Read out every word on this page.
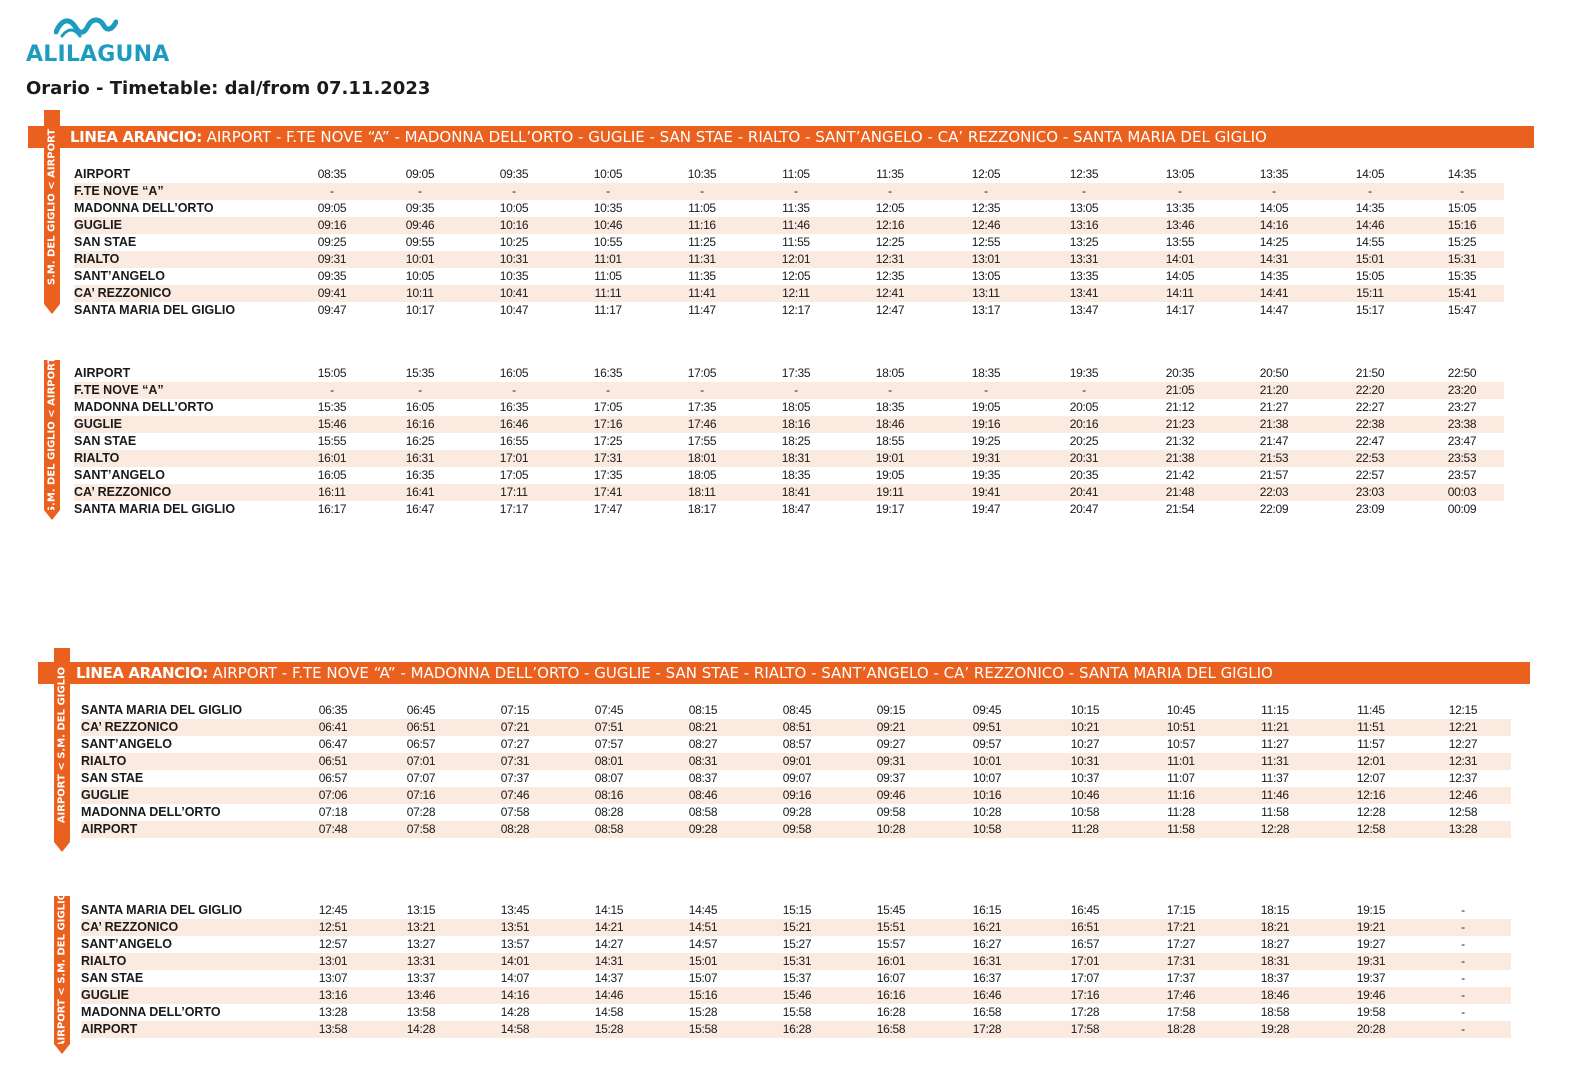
ALILAGUNA
Orario - Timetable: dal/from 07.11.2023
LINEA ARANCIO: AIRPORT - F.TE NOVE “A” - MADONNA DELL’ORTO - GUGLIE - SAN STAE - RIALTO - SANT’ANGELO - CA’ REZZONICO - SANTA MARIA DEL GIGLIO
S.M. DEL GIGLIO < AIRPORT AIRPORT	08:35	09:05	09:35	10:05	10:35	11:05	11:35	12:05	12:35	13:05	13:35	14:05	14:35
F.TE NOVE “A”	-	-	-	-	-	-	-	-	-	-	-	-	-
MADONNA DELL’ORTO	09:05	09:35	10:05	10:35	11:05	11:35	12:05	12:35	13:05	13:35	14:05	14:35	15:05
GUGLIE	09:16	09:46	10:16	10:46	11:16	11:46	12:16	12:46	13:16	13:46	14:16	14:46	15:16
SAN STAE	09:25	09:55	10:25	10:55	11:25	11:55	12:25	12:55	13:25	13:55	14:25	14:55	15:25
RIALTO	09:31	10:01	10:31	11:01	11:31	12:01	12:31	13:01	13:31	14:01	14:31	15:01	15:31
SANT’ANGELO	09:35	10:05	10:35	11:05	11:35	12:05	12:35	13:05	13:35	14:05	14:35	15:05	15:35
CA’ REZZONICO	09:41	10:11	10:41	11:11	11:41	12:11	12:41	13:11	13:41	14:11	14:41	15:11	15:41
SANTA MARIA DEL GIGLIO	09:47	10:17	10:47	11:17	11:47	12:17	12:47	13:17	13:47	14:17	14:47	15:17	15:47
S.M. DEL GIGLIO < AIRPORT AIRPORT	15:05	15:35	16:05	16:35	17:05	17:35	18:05	18:35	19:35	20:35	20:50	21:50	22:50
F.TE NOVE “A”	-	-	-	-	-	-	-	-	-	21:05	21:20	22:20	23:20
MADONNA DELL’ORTO	15:35	16:05	16:35	17:05	17:35	18:05	18:35	19:05	20:05	21:12	21:27	22:27	23:27
GUGLIE	15:46	16:16	16:46	17:16	17:46	18:16	18:46	19:16	20:16	21:23	21:38	22:38	23:38
SAN STAE	15:55	16:25	16:55	17:25	17:55	18:25	18:55	19:25	20:25	21:32	21:47	22:47	23:47
RIALTO	16:01	16:31	17:01	17:31	18:01	18:31	19:01	19:31	20:31	21:38	21:53	22:53	23:53
SANT’ANGELO	16:05	16:35	17:05	17:35	18:05	18:35	19:05	19:35	20:35	21:42	21:57	22:57	23:57
CA’ REZZONICO	16:11	16:41	17:11	17:41	18:11	18:41	19:11	19:41	20:41	21:48	22:03	23:03	00:03
SANTA MARIA DEL GIGLIO	16:17	16:47	17:17	17:47	18:17	18:47	19:17	19:47	20:47	21:54	22:09	23:09	00:09
LINEA ARANCIO: AIRPORT - F.TE NOVE “A” - MADONNA DELL’ORTO - GUGLIE - SAN STAE - RIALTO - SANT’ANGELO - CA’ REZZONICO - SANTA MARIA DEL GIGLIO
AIRPORT < S.M. DEL GIGLIO SANTA MARIA DEL GIGLIO	06:35	06:45	07:15	07:45	08:15	08:45	09:15	09:45	10:15	10:45	11:15	11:45	12:15
CA’ REZZONICO	06:41	06:51	07:21	07:51	08:21	08:51	09:21	09:51	10:21	10:51	11:21	11:51	12:21
SANT’ANGELO	06:47	06:57	07:27	07:57	08:27	08:57	09:27	09:57	10:27	10:57	11:27	11:57	12:27
RIALTO	06:51	07:01	07:31	08:01	08:31	09:01	09:31	10:01	10:31	11:01	11:31	12:01	12:31
SAN STAE	06:57	07:07	07:37	08:07	08:37	09:07	09:37	10:07	10:37	11:07	11:37	12:07	12:37
GUGLIE	07:06	07:16	07:46	08:16	08:46	09:16	09:46	10:16	10:46	11:16	11:46	12:16	12:46
MADONNA DELL’ORTO	07:18	07:28	07:58	08:28	08:58	09:28	09:58	10:28	10:58	11:28	11:58	12:28	12:58
AIRPORT	07:48	07:58	08:28	08:58	09:28	09:58	10:28	10:58	11:28	11:58	12:28	12:58	13:28
AIRPORT < S.M. DEL GIGLIO SANTA MARIA DEL GIGLIO	12:45	13:15	13:45	14:15	14:45	15:15	15:45	16:15	16:45	17:15	18:15	19:15	-
CA’ REZZONICO	12:51	13:21	13:51	14:21	14:51	15:21	15:51	16:21	16:51	17:21	18:21	19:21	-
SANT’ANGELO	12:57	13:27	13:57	14:27	14:57	15:27	15:57	16:27	16:57	17:27	18:27	19:27	-
RIALTO	13:01	13:31	14:01	14:31	15:01	15:31	16:01	16:31	17:01	17:31	18:31	19:31	-
SAN STAE	13:07	13:37	14:07	14:37	15:07	15:37	16:07	16:37	17:07	17:37	18:37	19:37	-
GUGLIE	13:16	13:46	14:16	14:46	15:16	15:46	16:16	16:46	17:16	17:46	18:46	19:46	-
MADONNA DELL’ORTO	13:28	13:58	14:28	14:58	15:28	15:58	16:28	16:58	17:28	17:58	18:58	19:58	-
AIRPORT	13:58	14:28	14:58	15:28	15:58	16:28	16:58	17:28	17:58	18:28	19:28	20:28	-
